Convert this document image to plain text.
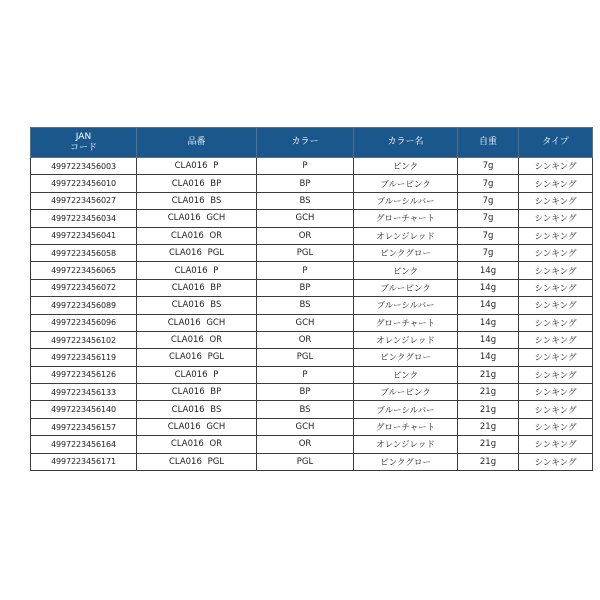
JAN
コード	品番	カラー	カラー名	自重	タイプ
4997223456003	CLA016 P	P	ピンク	7g	シンキング
4997223456010	CLA016 BP	BP	ブルーピンク	7g	シンキング
4997223456027	CLA016 BS	BS	ブルーシルバー	7g	シンキング
4997223456034	CLA016 GCH	GCH	グローチャート	7g	シンキング
4997223456041	CLA016 OR	OR	オレンジレッド	7g	シンキング
4997223456058	CLA016 PGL	PGL	ピンクグロー	7g	シンキング
4997223456065	CLA016 P	P	ピンク	14g	シンキング
4997223456072	CLA016 BP	BP	ブルーピンク	14g	シンキング
4997223456089	CLA016 BS	BS	ブルーシルバー	14g	シンキング
4997223456096	CLA016 GCH	GCH	グローチャート	14g	シンキング
4997223456102	CLA016 OR	OR	オレンジレッド	14g	シンキング
4997223456119	CLA016 PGL	PGL	ピンクグロー	14g	シンキング
4997223456126	CLA016 P	P	ピンク	21g	シンキング
4997223456133	CLA016 BP	BP	ブルーピンク	21g	シンキング
4997223456140	CLA016 BS	BS	ブルーシルバー	21g	シンキング
4997223456157	CLA016 GCH	GCH	グローチャート	21g	シンキング
4997223456164	CLA016 OR	OR	オレンジレッド	21g	シンキング
4997223456171	CLA016 PGL	PGL	ピンクグロー	21g	シンキング
